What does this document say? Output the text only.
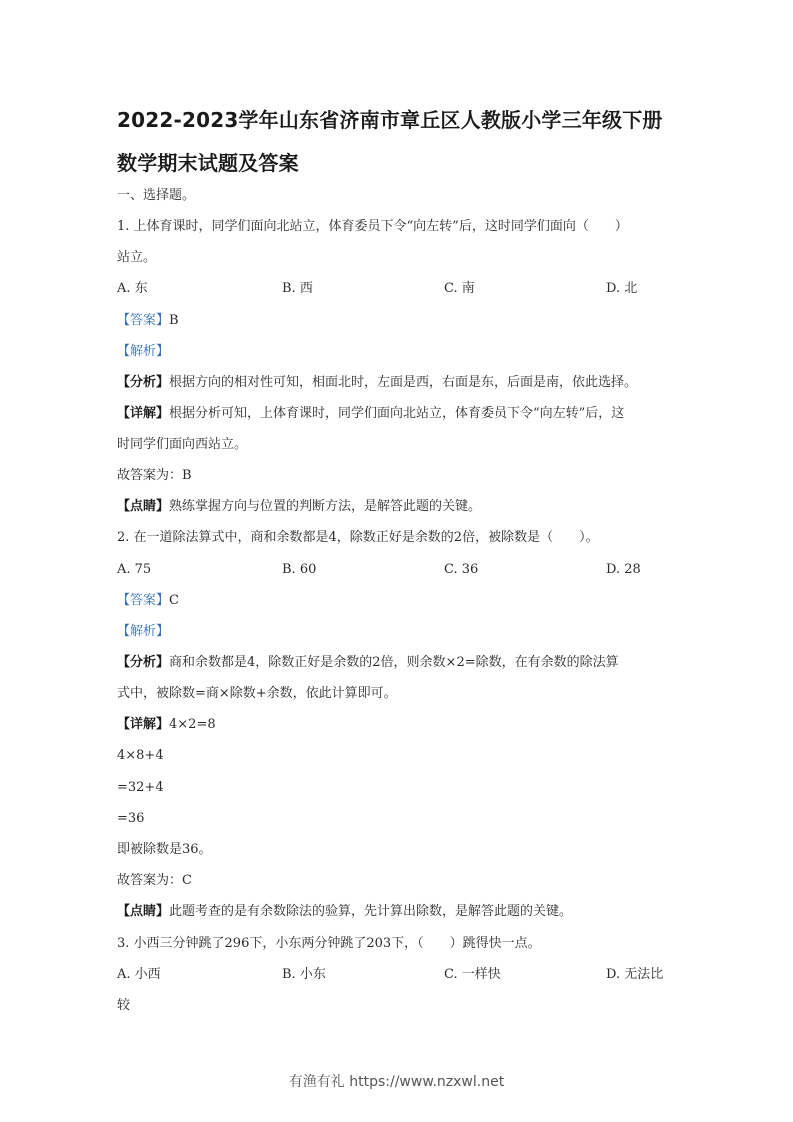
2022-2023学年山东省济南市章丘区人教版小学三年级下册
数学期末试题及答案
一、选择题。
1. 上体育课时，同学们面向北站立，体育委员下令“向左转”后，这时同学们面向（　　）
站立。
A. 东	B. 西	C. 南	D. 北
【答案】B
【解析】
【分析】根据方向的相对性可知，相面北时，左面是西，右面是东，后面是南，依此选择。
【详解】根据分析可知，上体育课时，同学们面向北站立，体育委员下令“向左转”后，这
时同学们面向西站立。
故答案为：B
【点睛】熟练掌握方向与位置的判断方法，是解答此题的关键。
2. 在一道除法算式中，商和余数都是4，除数正好是余数的2倍，被除数是（　　）。
A. 75	B. 60	C. 36	D. 28
【答案】C
【解析】
【分析】商和余数都是4，除数正好是余数的2倍，则余数×2=除数，在有余数的除法算
式中，被除数=商×除数+余数，依此计算即可。
【详解】4×2=8
4×8+4
=32+4
=36
即被除数是36。
故答案为：C
【点睛】此题考查的是有余数除法的验算，先计算出除数，是解答此题的关键。
3. 小西三分钟跳了296下，小东两分钟跳了203下，（　　）跳得快一点。
A. 小西	B. 小东	C. 一样快	D. 无法比
较
有渔有礼 https://www.nzxwl.net
